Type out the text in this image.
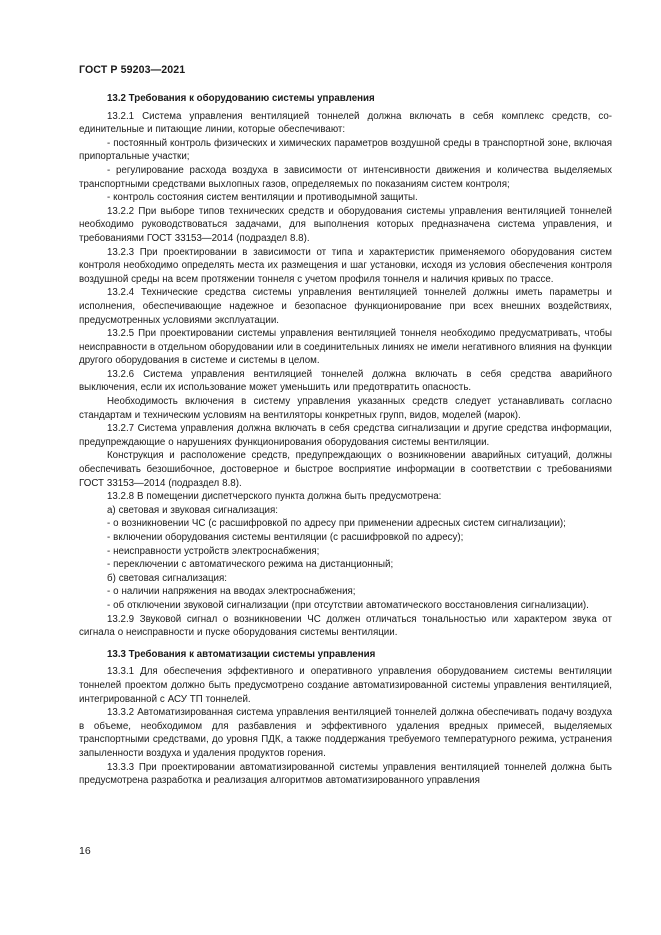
ГОСТ Р 59203—2021
13.2 Требования к оборудованию системы управления
13.2.1 Система управления вентиляцией тоннелей должна включать в себя комплекс средств, соединительные и питающие линии, которые обеспечивают:
- постоянный контроль физических и химических параметров воздушной среды в транспортной зоне, включая припортальные участки;
- регулирование расхода воздуха в зависимости от интенсивности движения и количества выделяемых транспортными средствами выхлопных газов, определяемых по показаниям систем контроля;
- контроль состояния систем вентиляции и противодымной защиты.
13.2.2 При выборе типов технических средств и оборудования системы управления вентиляцией тоннелей необходимо руководствоваться задачами, для выполнения которых предназначена система управления, и требованиями ГОСТ 33153—2014 (подраздел 8.8).
13.2.3 При проектировании в зависимости от типа и характеристик применяемого оборудования систем контроля необходимо определять места их размещения и шаг установки, исходя из условия обеспечения контроля воздушной среды на всем протяжении тоннеля с учетом профиля тоннеля и наличия кривых по трассе.
13.2.4 Технические средства системы управления вентиляцией тоннелей должны иметь параметры и исполнения, обеспечивающие надежное и безопасное функционирование при всех внешних воздействиях, предусмотренных условиями эксплуатации.
13.2.5 При проектировании системы управления вентиляцией тоннеля необходимо предусматривать, чтобы неисправности в отдельном оборудовании или в соединительных линиях не имели негативного влияния на функции другого оборудования в системе и системы в целом.
13.2.6 Система управления вентиляцией тоннелей должна включать в себя средства аварийного выключения, если их использование может уменьшить или предотвратить опасность.
Необходимость включения в систему управления указанных средств следует устанавливать согласно стандартам и техническим условиям на вентиляторы конкретных групп, видов, моделей (марок).
13.2.7 Система управления должна включать в себя средства сигнализации и другие средства информации, предупреждающие о нарушениях функционирования оборудования системы вентиляции.
Конструкция и расположение средств, предупреждающих о возникновении аварийных ситуаций, должны обеспечивать безошибочное, достоверное и быстрое восприятие информации в соответствии с требованиями ГОСТ 33153—2014 (подраздел 8.8).
13.2.8 В помещении диспетчерского пункта должна быть предусмотрена:
а) световая и звуковая сигнализация:
- о возникновении ЧС (с расшифровкой по адресу при применении адресных систем сигнализации);
- включении оборудования системы вентиляции (с расшифровкой по адресу);
- неисправности устройств электроснабжения;
- переключении с автоматического режима на дистанционный;
б) световая сигнализация:
- о наличии напряжения на вводах электроснабжения;
- об отключении звуковой сигнализации (при отсутствии автоматического восстановления сигнализации).
13.2.9 Звуковой сигнал о возникновении ЧС должен отличаться тональностью или характером звука от сигнала о неисправности и пуске оборудования системы вентиляции.
13.3 Требования к автоматизации системы управления
13.3.1 Для обеспечения эффективного и оперативного управления оборудованием системы вентиляции тоннелей проектом должно быть предусмотрено создание автоматизированной системы управления вентиляцией, интегрированной с АСУ ТП тоннелей.
13.3.2 Автоматизированная система управления вентиляцией тоннелей должна обеспечивать подачу воздуха в объеме, необходимом для разбавления и эффективного удаления вредных примесей, выделяемых транспортными средствами, до уровня ПДК, а также поддержания требуемого температурного режима, устранения запыленности воздуха и удаления продуктов горения.
13.3.3 При проектировании автоматизированной системы управления вентиляцией тоннелей должна быть предусмотрена разработка и реализация алгоритмов автоматизированного управления
16
